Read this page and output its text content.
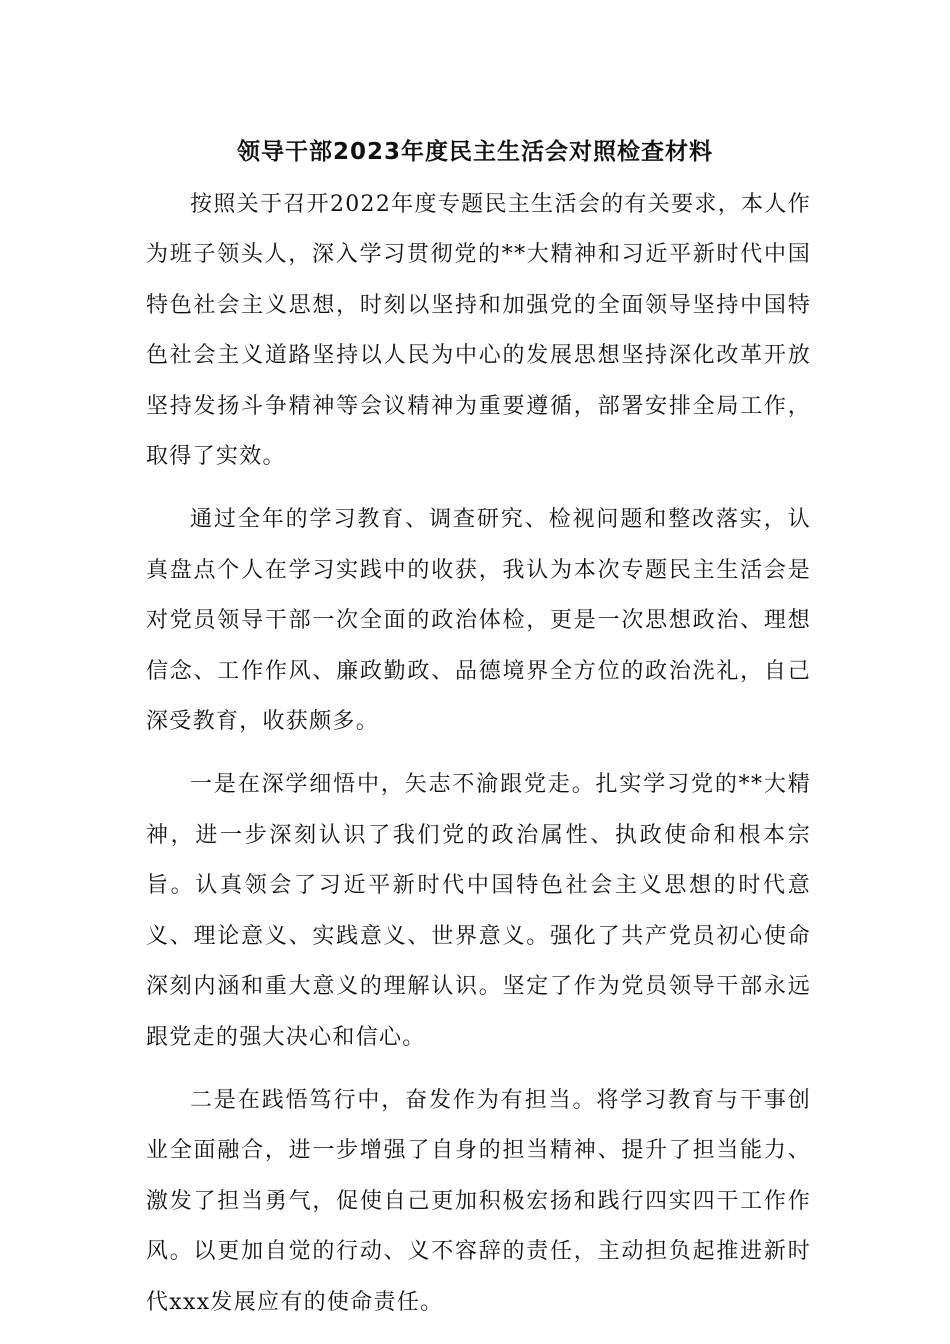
领导干部2023年度民主生活会对照检查材料

按照关于召开2022年度专题民主生活会的有关要求，本人作为班子领头人，深入学习贯彻党的**大精神和习近平新时代中国特色社会主义思想，时刻以坚持和加强党的全面领导坚持中国特色社会主义道路坚持以人民为中心的发展思想坚持深化改革开放坚持发扬斗争精神等会议精神为重要遵循，部署安排全局工作，取得了实效。

通过全年的学习教育、调查研究、检视问题和整改落实，认真盘点个人在学习实践中的收获，我认为本次专题民主生活会是对党员领导干部一次全面的政治体检，更是一次思想政治、理想信念、工作作风、廉政勤政、品德境界全方位的政治洗礼，自己深受教育，收获颇多。

一是在深学细悟中，矢志不渝跟党走。扎实学习党的**大精神，进一步深刻认识了我们党的政治属性、执政使命和根本宗旨。认真领会了习近平新时代中国特色社会主义思想的时代意义、理论意义、实践意义、世界意义。强化了共产党员初心使命深刻内涵和重大意义的理解认识。坚定了作为党员领导干部永远跟党走的强大决心和信心。

二是在践悟笃行中，奋发作为有担当。将学习教育与干事创业全面融合，进一步增强了自身的担当精神、提升了担当能力、激发了担当勇气，促使自己更加积极宏扬和践行四实四干工作作风。以更加自觉的行动、义不容辞的责任，主动担负起推进新时代xxx发展应有的使命责任。
